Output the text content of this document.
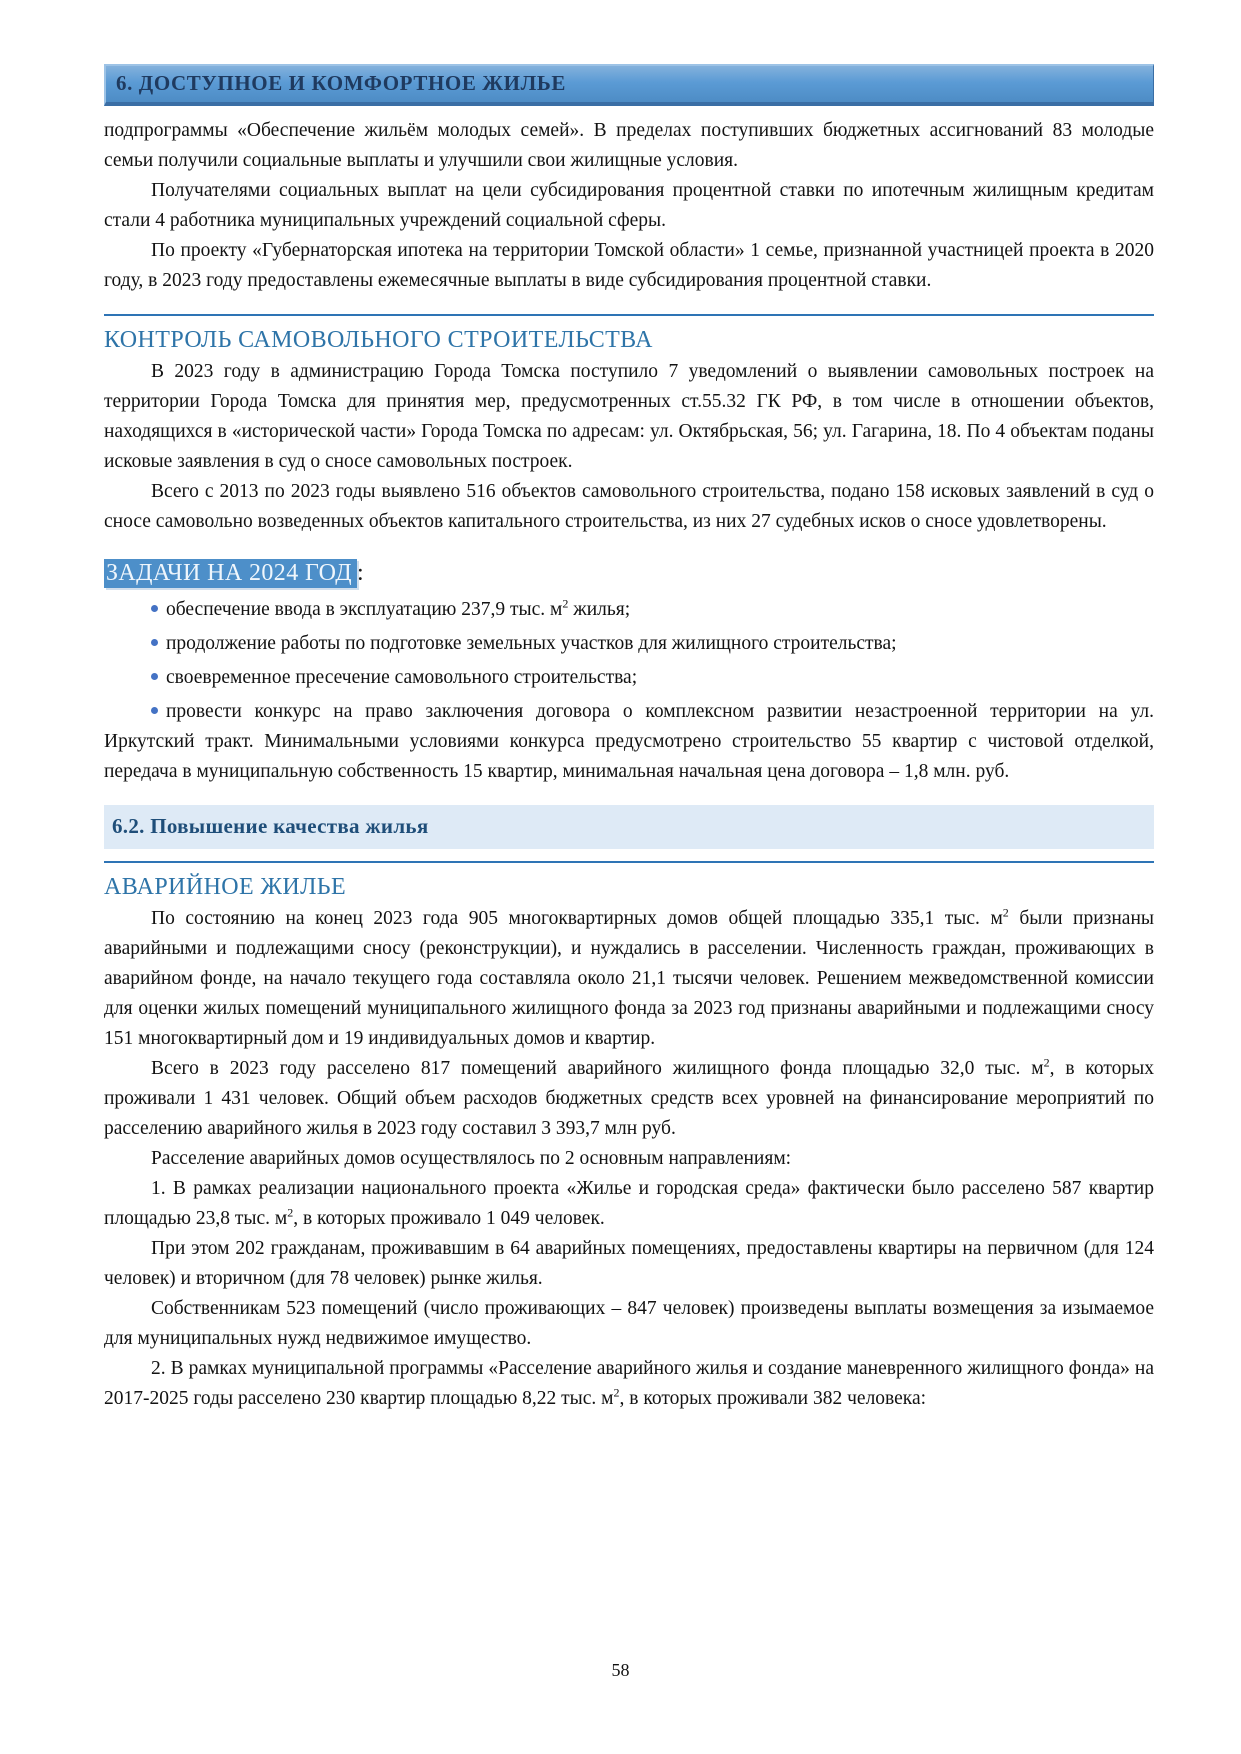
6. ДОСТУПНОЕ И КОМФОРТНОЕ ЖИЛЬЕ

подпрограммы «Обеспечение жильём молодых семей». В пределах поступивших бюджетных ассигнований 83 молодые семьи получили социальные выплаты и улучшили свои жилищные условия.

Получателями социальных выплат на цели субсидирования процентной ставки по ипотечным жилищным кредитам стали 4 работника муниципальных учреждений социальной сферы.

По проекту «Губернаторская ипотека на территории Томской области» 1 семье, признанной участницей проекта в 2020 году, в 2023 году предоставлены ежемесячные выплаты в виде субсидирования процентной ставки.

КОНТРОЛЬ САМОВОЛЬНОГО СТРОИТЕЛЬСТВА

В 2023 году в администрацию Города Томска поступило 7 уведомлений о выявлении самовольных построек на территории Города Томска для принятия мер, предусмотренных ст.55.32 ГК РФ, в том числе в отношении объектов, находящихся в «исторической части» Города Томска по адресам: ул. Октябрьская, 56; ул. Гагарина, 18. По 4 объектам поданы исковые заявления в суд о сносе самовольных построек.

Всего с 2013 по 2023 годы выявлено 516 объектов самовольного строительства, подано 158 исковых заявлений в суд о сносе самовольно возведенных объектов капитального строительства, из них 27 судебных исков о сносе удовлетворены.

ЗАДАЧИ НА 2024 ГОД :

обеспечение ввода в эксплуатацию 237,9 тыс. $м^2$ жилья;

продолжение работы по подготовке земельных участков для жилищного строительства;

своевременное пресечение самовольного строительства;

провести конкурс на право заключения договора о комплексном развитии незастроенной территории на ул. Иркутский тракт. Минимальными условиями конкурса предусмотрено строительство 55 квартир с чистовой отделкой, передача в муниципальную собственность 15 квартир, минимальная начальная цена договора – 1,8 млн. руб.

6.2. Повышение качества жилья
АВАРИЙНОЕ ЖИЛЬЕ

По состоянию на конец 2023 года 905 многоквартирных домов общей площадью 335,1 тыс. $м^2$ были признаны аварийными и подлежащими сносу (реконструкции), и нуждались в расселении. Численность граждан, проживающих в аварийном фонде, на начало текущего года составляла около 21,1 тысячи человек. Решением межведомственной комиссии для оценки жилых помещений муниципального жилищного фонда за 2023 год признаны аварийными и подлежащими сносу 151 многоквартирный дом и 19 индивидуальных домов и квартир.

Всего в 2023 году расселено 817 помещений аварийного жилищного фонда площадью 32,0 тыс. $м^2$, в которых проживали 1 431 человек. Общий объем расходов бюджетных средств всех уровней на финансирование мероприятий по расселению аварийного жилья в 2023 году составил 3 393,7 млн руб.

Расселение аварийных домов осуществлялось по 2 основным направлениям:

1. В рамках реализации национального проекта «Жилье и городская среда» фактически было расселено 587 квартир площадью 23,8 тыс. $м^2$, в которых проживало 1 049 человек.

При этом 202 гражданам, проживавшим в 64 аварийных помещениях, предоставлены квартиры на первичном (для 124 человек) и вторичном (для 78 человек) рынке жилья.

Собственникам 523 помещений (число проживающих – 847 человек) произведены выплаты возмещения за изымаемое для муниципальных нужд недвижимое имущество.

2. В рамках муниципальной программы «Расселение аварийного жилья и создание маневренного жилищного фонда» на 2017-2025 годы расселено 230 квартир площадью 8,22 тыс. $м^2$, в которых проживали 382 человека:

58
